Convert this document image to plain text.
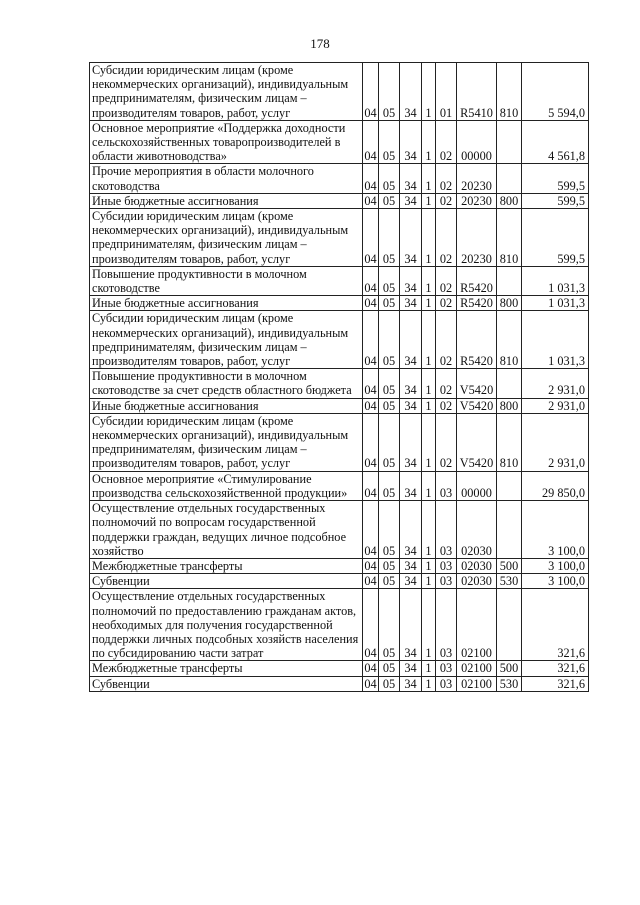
178
Субсидии юридическим лицам (кроме некоммерческих организаций), индивидуальным предпринимателям, физическим лицам – производителям товаров, работ, услуг	04	05	34	1	01	R5410	810	5 594,0
Основное мероприятие «Поддержка доходности сельскохозяйственных товаропроизводителей в области животноводства»	04	05	34	1	02	00000		4 561,8
Прочие мероприятия в области молочного скотоводства	04	05	34	1	02	20230		599,5
Иные бюджетные ассигнования	04	05	34	1	02	20230	800	599,5
Субсидии юридическим лицам (кроме некоммерческих организаций), индивидуальным предпринимателям, физическим лицам – производителям товаров, работ, услуг	04	05	34	1	02	20230	810	599,5
Повышение продуктивности в молочном скотоводстве	04	05	34	1	02	R5420		1 031,3
Иные бюджетные ассигнования	04	05	34	1	02	R5420	800	1 031,3
Субсидии юридическим лицам (кроме некоммерческих организаций), индивидуальным предпринимателям, физическим лицам – производителям товаров, работ, услуг	04	05	34	1	02	R5420	810	1 031,3
Повышение продуктивности в молочном скотоводстве за счет средств областного бюджета	04	05	34	1	02	V5420		2 931,0
Иные бюджетные ассигнования	04	05	34	1	02	V5420	800	2 931,0
Субсидии юридическим лицам (кроме некоммерческих организаций), индивидуальным предпринимателям, физическим лицам – производителям товаров, работ, услуг	04	05	34	1	02	V5420	810	2 931,0
Основное мероприятие «Стимулирование производства сельскохозяйственной продукции»	04	05	34	1	03	00000		29 850,0
Осуществление отдельных государственных полномочий по вопросам государственной поддержки граждан, ведущих личное подсобное хозяйство	04	05	34	1	03	02030		3 100,0
Межбюджетные трансферты	04	05	34	1	03	02030	500	3 100,0
Субвенции	04	05	34	1	03	02030	530	3 100,0
Осуществление отдельных государственных полномочий по предоставлению гражданам актов, необходимых для получения государственной поддержки личных подсобных хозяйств населения по субсидированию части затрат	04	05	34	1	03	02100		321,6
Межбюджетные трансферты	04	05	34	1	03	02100	500	321,6
Субвенции	04	05	34	1	03	02100	530	321,6
